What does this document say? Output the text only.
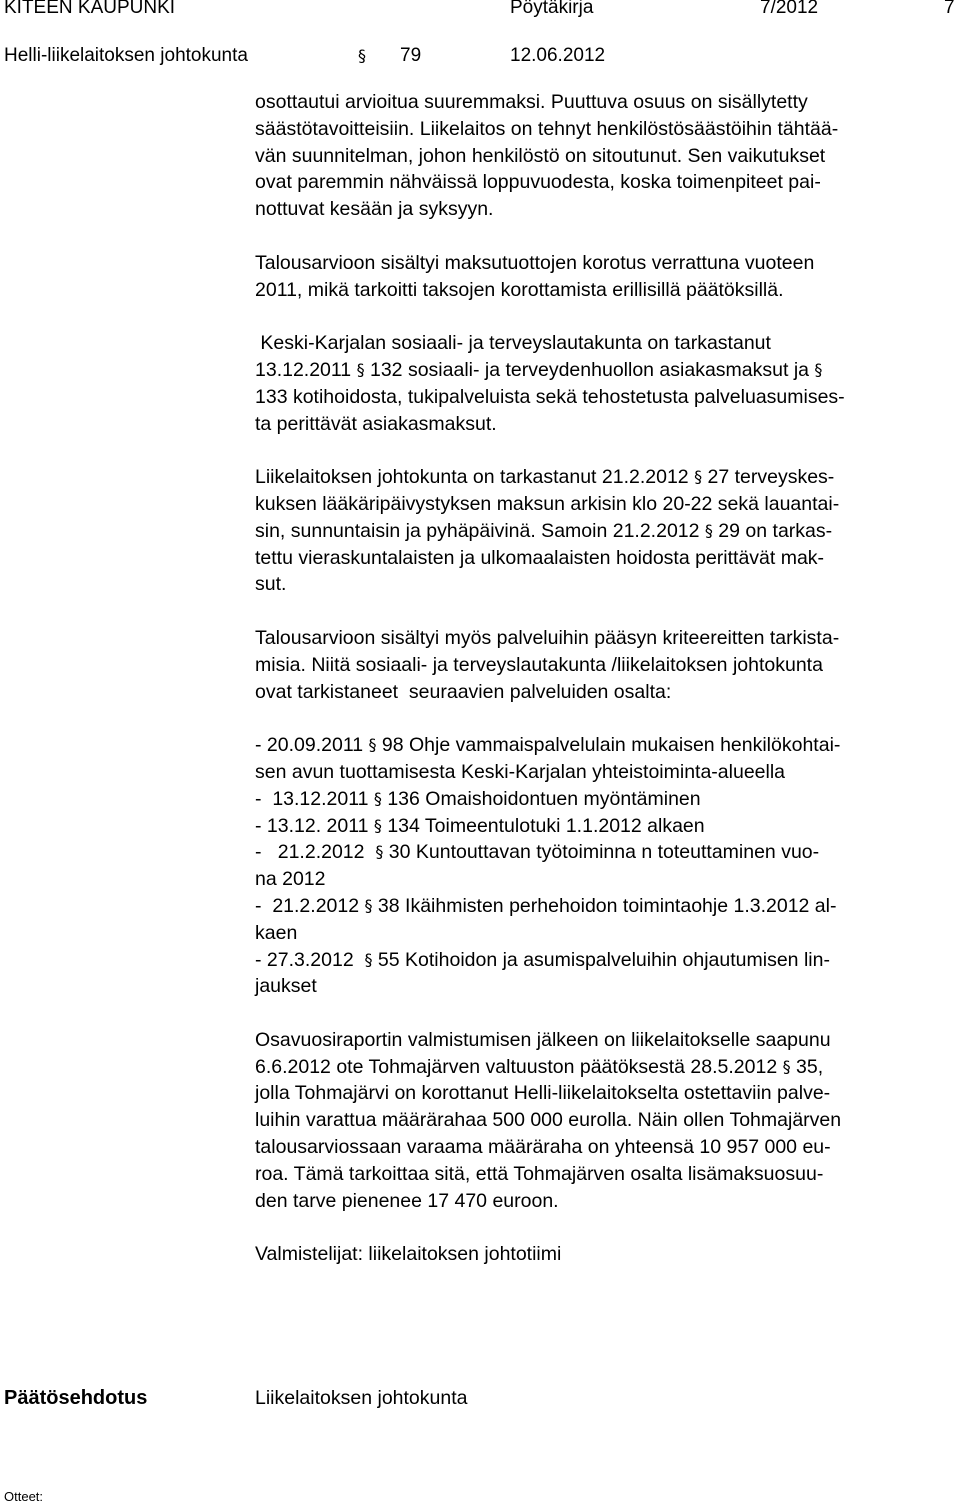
KITEEN KAUPUNKI	Pöytäkirja	7/2012	7
Helli-liikelaitoksen johtokunta	§ 79	12.06.2012

osottautui arvioitua suuremmaksi. Puuttuva osuus on sisällytetty
säästötavoitteisiin. Liikelaitos on tehnyt henkilöstösäästöihin tähtää-
vän suunnitelman, johon henkilöstö on sitoutunut. Sen vaikutukset
ovat paremmin nähväissä loppuvuodesta, koska toimenpiteet pai-
nottuvat kesään ja syksyyn.

Talousarvioon sisältyi maksutuottojen korotus verrattuna vuoteen
2011, mikä tarkoitti taksojen korottamista erillisillä päätöksillä.

Keski-Karjalan sosiaali- ja terveyslautakunta on tarkastanut
13.12.2011 § 132 sosiaali- ja terveydenhuollon asiakasmaksut ja §
133 kotihoidosta, tukipalveluista sekä tehostetusta palveluasumises-
ta perittävät asiakasmaksut.

Liikelaitoksen johtokunta on tarkastanut 21.2.2012 § 27 terveyskes-
kuksen lääkäripäivystyksen maksun arkisin klo 20-22 sekä lauantai-
sin, sunnuntaisin ja pyhäpäivinä. Samoin 21.2.2012 § 29 on tarkas-
tettu vieraskuntalaisten ja ulkomaalaisten hoidosta perittävät mak-
sut.

Talousarvioon sisältyi myös palveluihin pääsyn kriteereitten tarkista-
misia. Niitä sosiaali- ja terveyslautakunta /liikelaitoksen johtokunta
ovat tarkistaneet  seuraavien palveluiden osalta:

- 20.09.2011 § 98 Ohje vammaispalvelulain mukaisen henkilökohtai-
sen avun tuottamisesta Keski-Karjalan yhteistoiminta-alueella
-  13.12.2011 § 136 Omaishoidontuen myöntäminen
- 13.12. 2011 § 134 Toimeentulotuki 1.1.2012 alkaen
-   21.2.2012  § 30 Kuntouttavan työtoiminna n toteuttaminen vuo-
na 2012
-  21.2.2012 § 38 Ikäihmisten perhehoidon toimintaohje 1.3.2012 al-
kaen
- 27.3.2012  § 55 Kotihoidon ja asumispalveluihin ohjautumisen lin-
jaukset

Osavuosiraportin valmistumisen jälkeen on liikelaitokselle saapunu
6.6.2012 ote Tohmajärven valtuuston päätöksestä 28.5.2012 § 35,
jolla Tohmajärvi on korottanut Helli-liikelaitokselta ostettaviin palve-
luihin varattua määrärahaa 500 000 eurolla. Näin ollen Tohmajärven
talousarviossaan varaama määräraha on yhteensä 10 957 000 eu-
roa. Tämä tarkoittaa sitä, että Tohmajärven osalta lisämaksuosuu-
den tarve pienenee 17 470 euroon.

Valmistelijat: liikelaitoksen johtotiimi

Päätösehdotus	Liikelaitoksen johtokunta
Otteet:
